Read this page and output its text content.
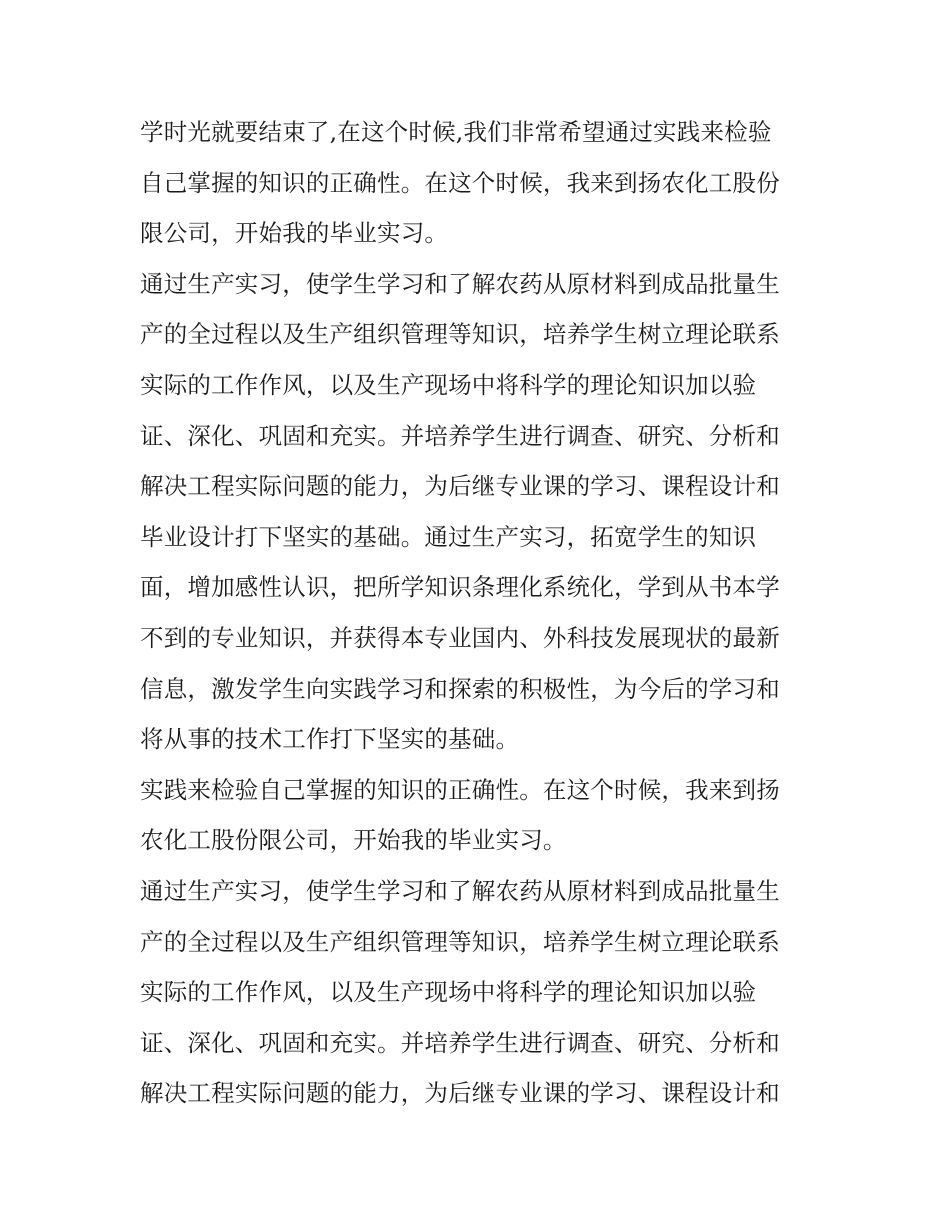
学时光就要结束了,在这个时候,我们非常希望通过实践来检验
自己掌握的知识的正确性。在这个时候，我来到扬农化工股份
限公司，开始我的毕业实习。
通过生产实习，使学生学习和了解农药从原材料到成品批量生
产的全过程以及生产组织管理等知识，培养学生树立理论联系
实际的工作作风，以及生产现场中将科学的理论知识加以验
证、深化、巩固和充实。并培养学生进行调查、研究、分析和
解决工程实际问题的能力，为后继专业课的学习、课程设计和
毕业设计打下坚实的基础。通过生产实习，拓宽学生的知识
面，增加感性认识，把所学知识条理化系统化，学到从书本学
不到的专业知识，并获得本专业国内、外科技发展现状的最新
信息，激发学生向实践学习和探索的积极性，为今后的学习和
将从事的技术工作打下坚实的基础。
实践来检验自己掌握的知识的正确性。在这个时候，我来到扬
农化工股份限公司，开始我的毕业实习。
通过生产实习，使学生学习和了解农药从原材料到成品批量生
产的全过程以及生产组织管理等知识，培养学生树立理论联系
实际的工作作风，以及生产现场中将科学的理论知识加以验
证、深化、巩固和充实。并培养学生进行调查、研究、分析和
解决工程实际问题的能力，为后继专业课的学习、课程设计和
